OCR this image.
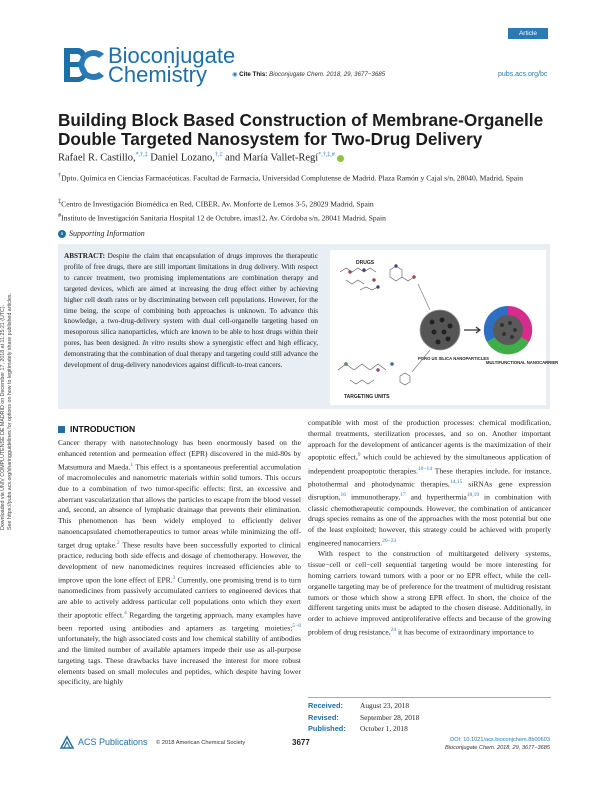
Bioconjugate
Chemistry
Article
◉ Cite This: Bioconjugate Chem. 2018, 29, 3677−3685	pubs.acs.org/bc
Building Block Based Construction of Membrane-Organelle Double Targeted Nanosystem for Two-Drug Delivery
Rafael R. Castillo,*,†,‡ Daniel Lozano,†,‡ and María Vallet-Regí*,†,‡,#
†Dpto. Química en Ciencias Farmacéuticas. Facultad de Farmacia, Universidad Complutense de Madrid. Plaza Ramón y Cajal s/n, 28040, Madrid, Spain
‡Centro de Investigación Biomédica en Red, CIBER, Av. Monforte de Lemos 3-5, 28029 Madrid, Spain
#Instituto de Investigación Sanitaria Hospital 12 de Octubre, imas12, Av. Córdoba s/n, 28041 Madrid, Spain
s Supporting Information
ABSTRACT: Despite the claim that encapsulation of drugs improves the therapeutic profile of free drugs, there are still important limitations in drug delivery. With respect to cancer treatment, two promising implementations are combination therapy and targeted devices, which are aimed at increasing the drug effect either by achieving higher cell death rates or by discriminating between cell populations. However, for the time being, the scope of combining both approaches is unknown. To advance this knowledge, a two-drug-delivery system with dual cell-organelle targeting based on mesoporous silica nanoparticles, which are known to be able to host drugs within their pores, has been designed. In vitro results show a synergistic effect and high efficacy, demonstrating that the combination of dual therapy and targeting could still advance the development of drug-delivery nanodevices against difficult-to-treat cancers.
DRUGS
PORO US SILICA NANOPARTICLES
MULTIFUNCTIONAL NANOCARRIER
TARGETING UNITS
Downloaded via UNIV COMPLUTENSE DE MADRID on December 17, 2018 at 11:25:21 (UTC).
See https://pubs.acs.org/sharingguidelines for options on how to legitimately share published articles.	INTRODUCTION

Cancer therapy with nanotechnology has been enormously based on the enhanced retention and permeation effect (EPR) discovered in the mid-80s by Matsumura and Maeda.$^1$ This effect is a spontaneous preferential accumulation of macromolecules and nanometric materials within solid tumors. This occurs due to a combination of two tumor-specific effects: first, an excessive and aberrant vascularization that allows the particles to escape from the blood vessel and, second, an absence of lymphatic drainage that prevents their elimination. This phenomenon has been widely employed to efficiently deliver nanoencapsulated chemotherapeutics to tumor areas while minimizing the off-target drug uptake.$^2$ These results have been successfully exported to clinical practice, reducing both side effects and dosage of chemotherapy. However, the development of new nanomedicines requires increased efficiencies able to improve upon the lone effect of EPR.$^3$ Currently, one promising trend is to turn nanomedicines from passively accumulated carriers to engineered devices that are able to actively address particular cell populations onto which they exert their apoptotic effect.$^4$ Regarding the targeting approach, many examples have been reported using antibodies and aptamers as targeting moieties;$^{5-8}$ unfortunately, the high associated costs and low chemical stability of antibodies and the limited number of available aptamers impede their use as all-purpose targeting tags. These drawbacks have increased the interest for more robust elements based on small molecules and peptides, which despite having lower specificity, are highly

compatible with most of the production processes: chemical modification, thermal treatments, sterilization processes, and so on. Another important approach for the development of anticancer agents is the maximization of their apoptotic effect,$^9$ which could be achieved by the simultaneous application of independent proapoptotic therapies.$^{10-14}$ These therapies include, for instance, photothermal and photodynamic therapies,$^{14,15}$ siRNAs gene expression disruption,$^{16}$ immunotherapy,$^{17}$ and hyperthermia$^{18,19}$ in combination with classic chemotherapeutic compounds. However, the combination of anticancer drugs species remains as one of the approaches with the most potential but one of the least exploited; however, this strategy could be achieved with properly engineered nanocarriers.$^{20-23}$

With respect to the construction of multitargeted delivery systems, tissue−cell or cell−cell sequential targeting would be more interesting for homing carriers toward tumors with a poor or no EPR effect, while the cell-organelle targeting may be of preference for the treatment of multidrug resistant tumors or those which show a strong EPR effect. In short, the choice of the different targeting units must be adapted to the chosen disease. Additionally, in order to achieve improved antiproliferative effects and because of the growing problem of drug resistance,$^{24}$ it has become of extraordinary importance to

Received: August 23, 2018
Revised:	September 28, 2018
Published: October 1, 2018
ACS Publications © 2018 American Chemical Society	3677	DOI: 10.1021/acs.bioconjchem.8b00603
Bioconjugate Chem. 2018, 29, 3677−3685
